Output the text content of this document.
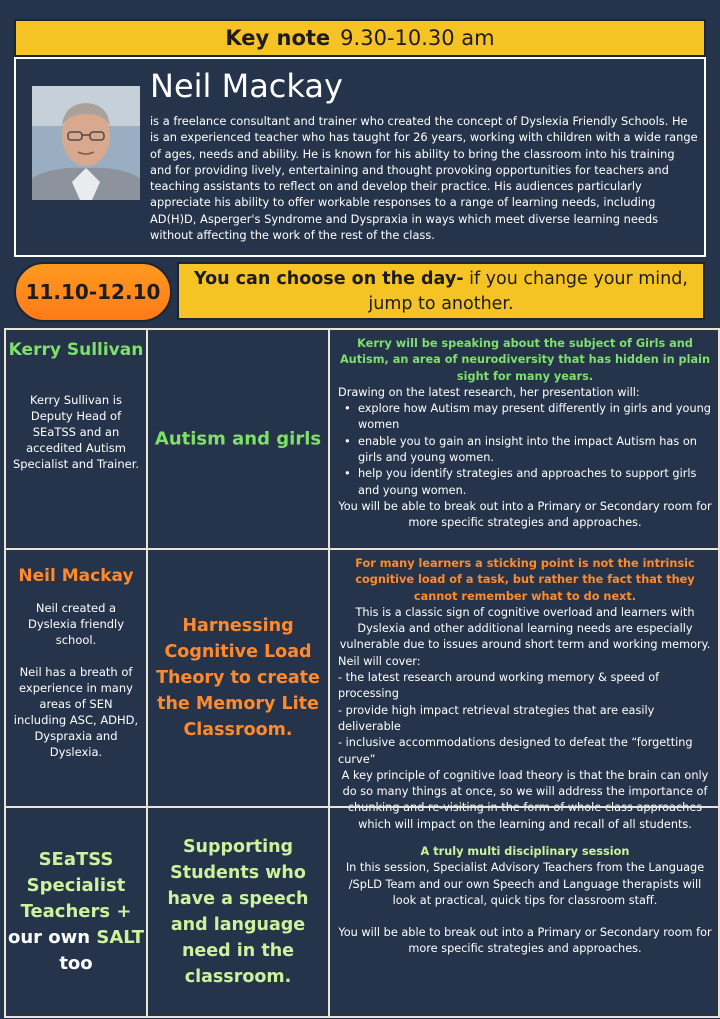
Key note 9.30-10.30 am
Neil Mackay
is a freelance consultant and trainer who created the concept of Dyslexia Friendly Schools. He is an experienced teacher who has taught for 26 years, working with children with a wide range of ages, needs and ability. He is known for his ability to bring the classroom into his training and for providing lively, entertaining and thought provoking opportunities for teachers and teaching assistants to reflect on and develop their practice. His audiences particularly appreciate his ability to offer workable responses to a range of learning needs, including AD(H)D, Asperger's Syndrome and Dyspraxia in ways which meet diverse learning needs without affecting the work of the rest of the class.
11.10-12.10
You can choose on the day- if you change your mind, jump to another.
Kerry Sullivan
Kerry Sullivan is Deputy Head of SEaTSS and an accedited Autism Specialist and Trainer.
Autism and girls
Kerry will be speaking about the subject of Girls and Autism, an area of neurodiversity that has hidden in plain sight for many years.
Drawing on the latest research, her presentation will:
• explore how Autism may present differently in girls and young women
• enable you to gain an insight into the impact Autism has on girls and young women.
• help you identify strategies and approaches to support girls and young women.
You will be able to break out into a Primary or Secondary room for more specific strategies and approaches.
Neil Mackay
Neil created a Dyslexia friendly school.
Neil has a breath of experience in many areas of SEN including ASC, ADHD, Dyspraxia and Dyslexia.
Harnessing Cognitive Load Theory to create the Memory Lite Classroom.
For many learners a sticking point is not the intrinsic cognitive load of a task, but rather the fact that they cannot remember what to do next.
This is a classic sign of cognitive overload and learners with Dyslexia and other additional learning needs are especially vulnerable due to issues around short term and working memory.
Neil will cover:
- the latest research around working memory & speed of processing
- provide high impact retrieval strategies that are easily deliverable
- inclusive accommodations designed to defeat the “forgetting curve”
A key principle of cognitive load theory is that the brain can only do so many things at once, so we will address the importance of chunking and re-visiting in the form of whole class approaches which will impact on the learning and recall of all students.
SEaTSS Specialist Teachers +
our own SALT
too
Supporting Students who have a speech and language need in the classroom.
A truly multi disciplinary session
In this session, Specialist Advisory Teachers from the Language /SpLD Team and our own Speech and Language therapists will look at practical, quick tips for classroom staff.
You will be able to break out into a Primary or Secondary room for more specific strategies and approaches.
